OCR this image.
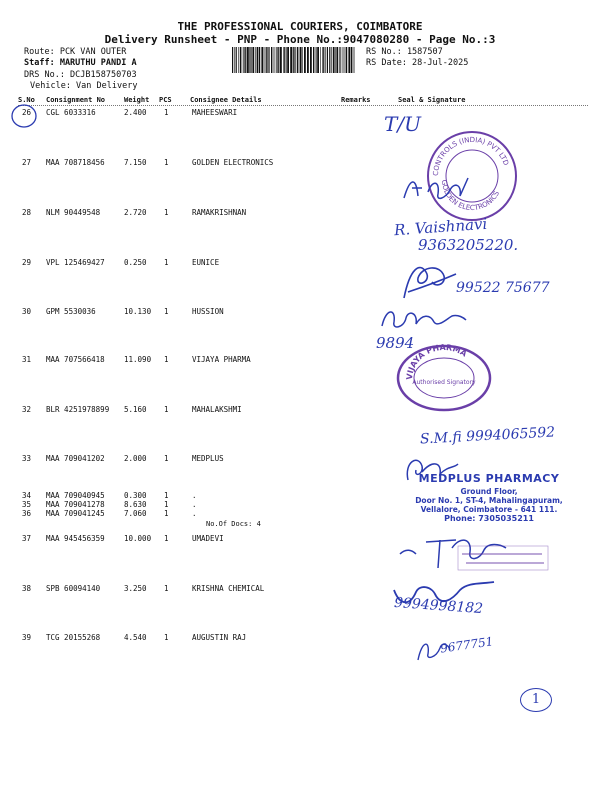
THE PROFESSIONAL COURIERS, COIMBATORE
Delivery Runsheet - PNP - Phone No.:9047080280 - Page No.:3
Route: PCK VAN OUTER
Staff: MARUTHU PANDI A
DRS No.: DCJB158750703
Vehicle: Van Delivery
RS No.: 1587507
RS Date: 28-Jul-2025
S.No Consignment No	Weight PCS	Consignee Details	Remarks	Seal & Signature
26 CGL 6033316	2.400 1	MAHEESWARI
27 MAA 708718456	7.150 1	GOLDEN ELECTRONICS
28 NLM 90449548	2.720 1	RAMAKRISHNAN
29 VPL 125469427	0.250 1	EUNICE
30 GPM 5530036	10.130 1	HUSSION
31 MAA 707566418	11.090 1	VIJAYA PHARMA
32 BLR 4251978899 5.160 1	MAHALAKSHMI
33 MAA 709041202	2.000 1	MEDPLUS
34 MAA 709040945	0.300 1	.
35 MAA 709041278	8.630 1	.
36 MAA 709041245	7.060 1	.
37 MAA 945456359	10.000 1	UMADEVI
38 SPB 60094140	3.250 1	KRISHNA CHEMICAL
39 TCG 20155268	4.540 1	AUGUSTIN RAJ
No.Of Docs: 4
T/U
CONTROLS (INDIA) PVT LTD
GOLDEN ELECTRONICS
R. Vaishnavi
9363205220.
99522 75677
9894
VIJAYA PHARMA
Authorised Signatory
S.M.fi 9994065592
MEDPLUS PHARMACY
Ground Floor,
Door No. 1, ST-4, Mahalingapuram,
Vellalore, Coimbatore - 641 111.
Phone: 7305035211
9994998182
9677751
1
